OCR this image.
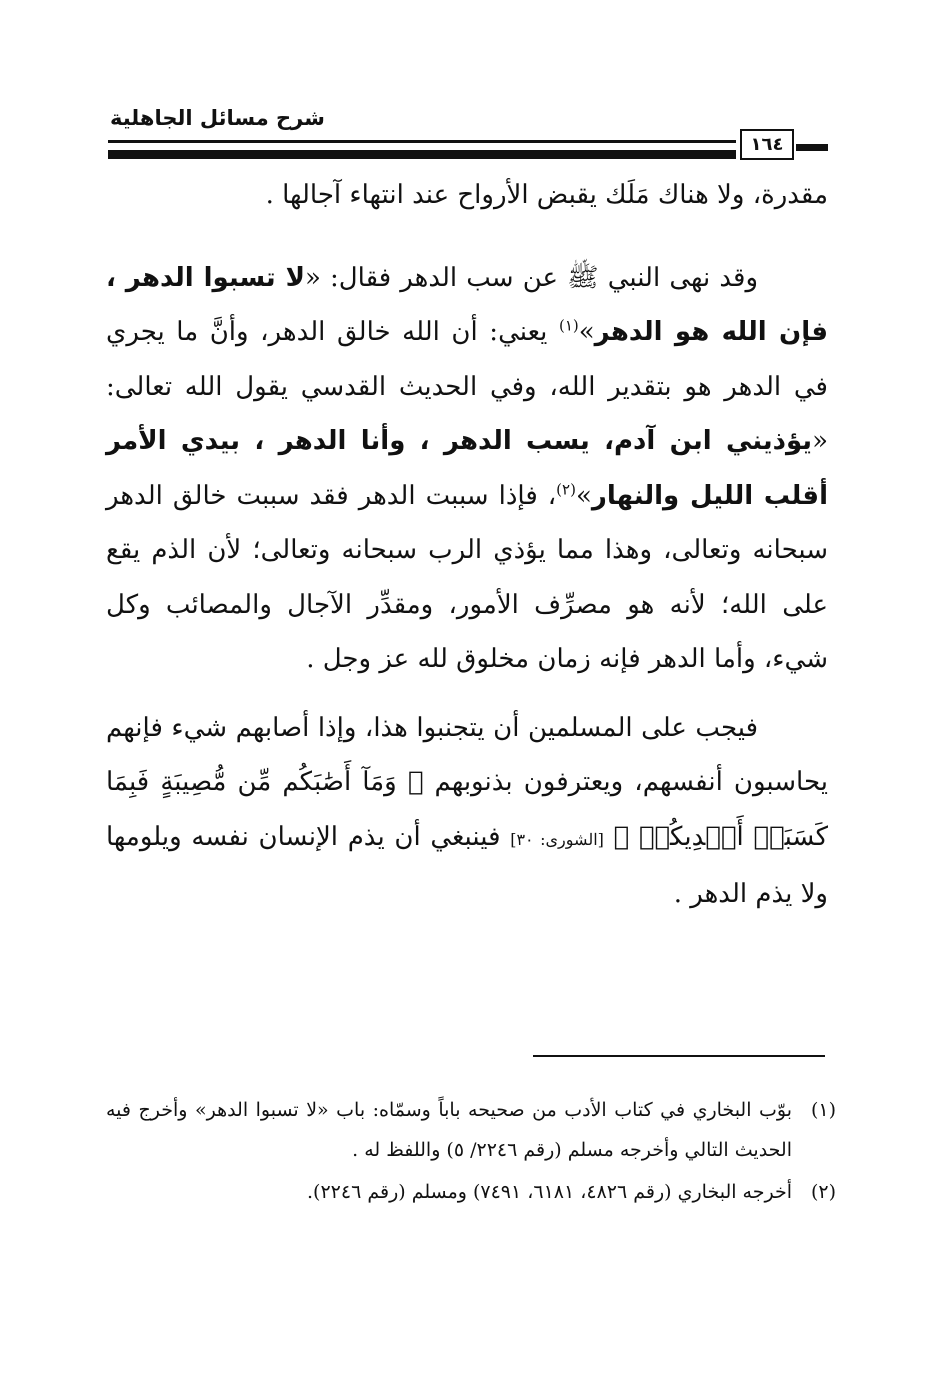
شرح مسائل الجاهلية
١٦٤

مقدرة، ولا هناك مَلَك يقبض الأرواح عند انتهاء آجالها .

وقد نهى النبي ﷺ عن سب الدهر فقال: «لا تسبوا الدهر ، فإن الله هو الدهر»$^{(١)}$ يعني: أن الله خالق الدهر، وأنَّ ما يجري في الدهر هو بتقدير الله، وفي الحديث القدسي يقول الله تعالى: «يؤذيني ابن آدم، يسب الدهر ، وأنا الدهر ، بيدي الأمر أقلب الليل والنهار»$^{(٢)}$، فإذا سببت الدهر فقد سببت خالق الدهر سبحانه وتعالى، وهذا مما يؤذي الرب سبحانه وتعالى؛ لأن الذم يقع على الله؛ لأنه هو مصرِّف الأمور، ومقدِّر الآجال والمصائب وكل شيء، وأما الدهر فإنه زمان مخلوق لله عز وجل .

فيجب على المسلمين أن يتجنبوا هذا، وإذا أصابهم شيء فإنهم يحاسبون أنفسهم، ويعترفون بذنوبهم ﴿ وَمَآ أَصَٰبَكُم مِّن مُّصِيبَةٍ فَبِمَا كَسَبَتۡ أَيۡدِيكُمۡ ﴾ [الشورى: ٣٠] فينبغي أن يذم الإنسان نفسه ويلومها ولا يذم الدهر .

(١)
بوّب البخاري في كتاب الأدب من صحيحه باباً وسمّاه: باب «لا تسبوا الدهر» وأخرج فيه الحديث التالي وأخرجه مسلم (رقم ٢٢٤٦/ ٥) واللفظ له .
(٢)
أخرجه البخاري (رقم ٤٨٢٦، ٦١٨١، ٧٤٩١) ومسلم (رقم ٢٢٤٦).
